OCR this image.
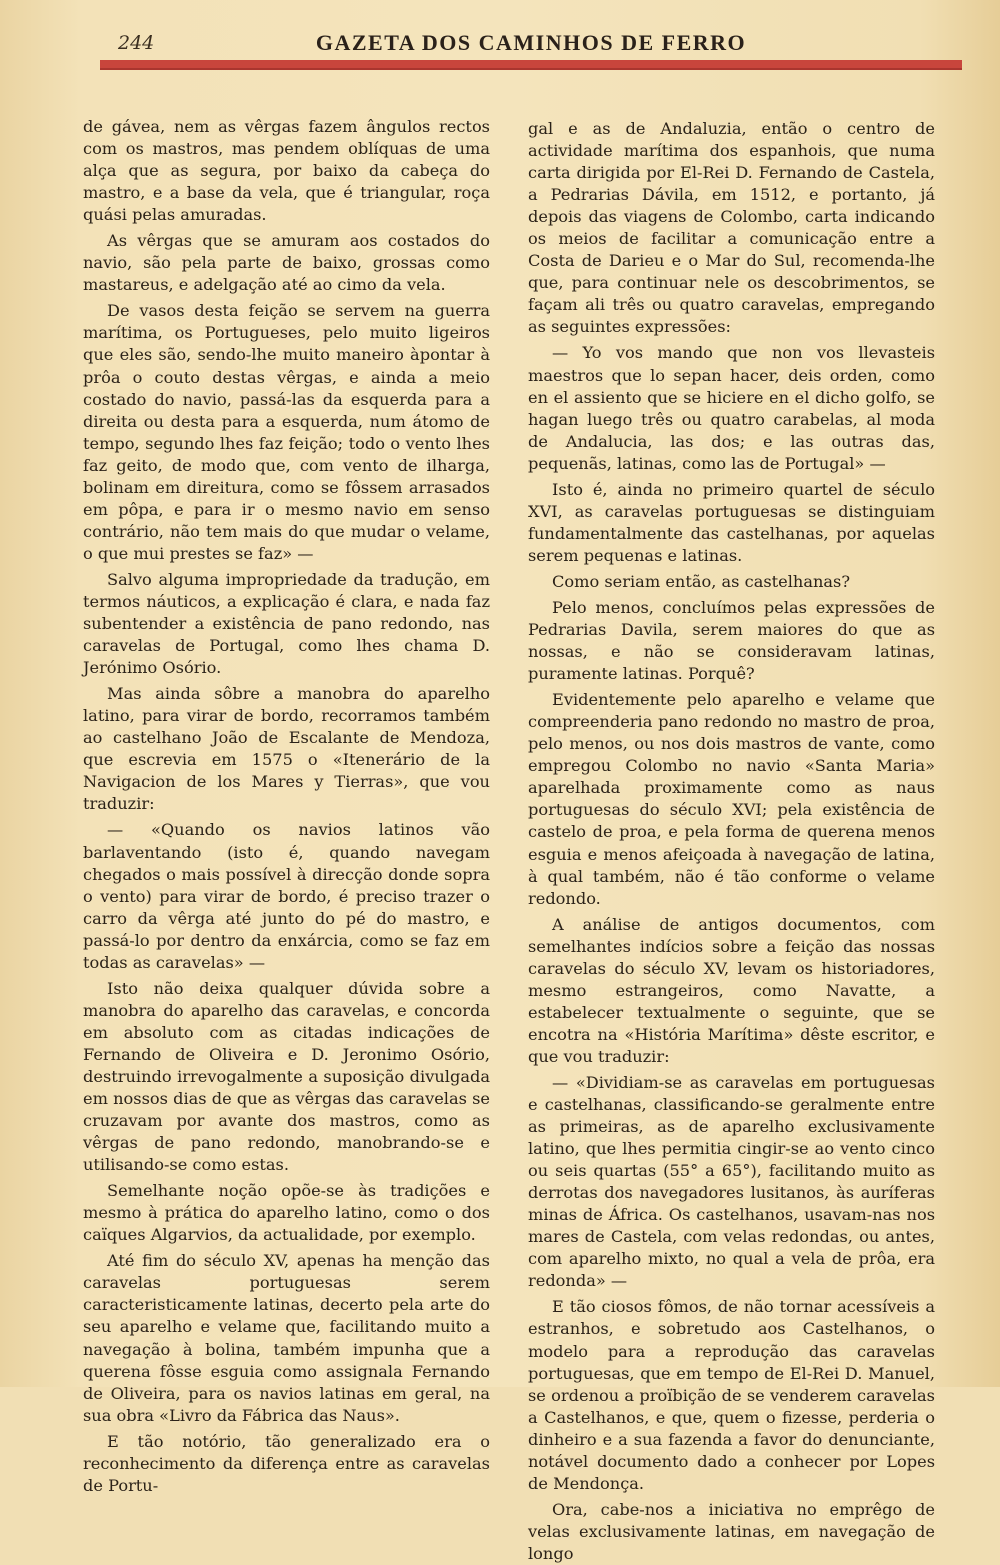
244	GAZETA DOS CAMINHOS DE FERRO

de gávea, nem as vêrgas fazem ângulos rectos com os mastros, mas pendem oblíquas de uma alça que as segura, por baixo da cabeça do mastro, e a base da vela, que é triangular, roça quási pelas amuradas.

As vêrgas que se amuram aos costados do navio, são pela parte de baixo, grossas como mastareus, e adelgação até ao cimo da vela.

De vasos desta feição se servem na guerra marítima, os Portugueses, pelo muito ligeiros que eles são, sendo-lhe muito maneiro àpontar à prôa o couto destas vêrgas, e ainda a meio costado do navio, passá-las da esquerda para a direita ou desta para a esquerda, num átomo de tempo, segundo lhes faz feição; todo o vento lhes faz geito, de modo que, com vento de ilharga, bolinam em direitura, como se fôssem arrasados em pôpa, e para ir o mesmo navio em senso contrário, não tem mais do que mudar o velame, o que mui prestes se faz» —

Salvo alguma impropriedade da tradução, em termos náuticos, a explicação é clara, e nada faz subentender a existência de pano redondo, nas caravelas de Portugal, como lhes chama D. Jerónimo Osório.

Mas ainda sôbre a manobra do aparelho latino, para virar de bordo, recorramos também ao castelhano João de Escalante de Mendoza, que escrevia em 1575 o «Itenerário de la Navigacion de los Mares y Tierras», que vou traduzir:

— «Quando os navios latinos vão barlaventando (isto é, quando navegam chegados o mais possível à direcção donde sopra o vento) para virar de bordo, é preciso trazer o carro da vêrga até junto do pé do mastro, e passá-lo por dentro da enxárcia, como se faz em todas as caravelas» —

Isto não deixa qualquer dúvida sobre a manobra do aparelho das caravelas, e concorda em absoluto com as citadas indicações de Fernando de Oliveira e D. Jeronimo Osório, destruindo irrevogalmente a suposição divulgada em nossos dias de que as vêrgas das caravelas se cruzavam por avante dos mastros, como as vêrgas de pano redondo, manobrando-se e utilisando-se como estas.

Semelhante noção opõe-se às tradições e mesmo à prática do aparelho latino, como o dos caïques Algarvios, da actualidade, por exemplo.

Até fim do século XV, apenas ha menção das caravelas portuguesas serem caracteristicamente latinas, decerto pela arte do seu aparelho e velame que, facilitando muito a navegação à bolina, também impunha que a querena fôsse esguia como assignala Fernando de Oliveira, para os navios latinas em geral, na sua obra «Livro da Fábrica das Naus».

E tão notório, tão generalizado era o reconhecimento da diferença entre as caravelas de Portu-

gal e as de Andaluzia, então o centro de actividade marítima dos espanhois, que numa carta dirigida por El-Rei D. Fernando de Castela, a Pedrarias Dávila, em 1512, e portanto, já depois das viagens de Colombo, carta indicando os meios de facilitar a comunicação entre a Costa de Darieu e o Mar do Sul, recomenda-lhe que, para continuar nele os descobrimentos, se façam ali três ou quatro caravelas, empregando as seguintes expressões:

— Yo vos mando que non vos llevasteis maestros que lo sepan hacer, deis orden, como en el assiento que se hiciere en el dicho golfo, se hagan luego três ou quatro carabelas, al moda de Andalucia, las dos; e las outras das, pequenãs, latinas, como las de Portugal» —

Isto é, ainda no primeiro quartel de século XVI, as caravelas portuguesas se distinguiam fundamentalmente das castelhanas, por aquelas serem pequenas e latinas.

Como seriam então, as castelhanas?

Pelo menos, concluímos pelas expressões de Pedrarias Davila, serem maiores do que as nossas, e não se consideravam latinas, puramente latinas. Porquê?

Evidentemente pelo aparelho e velame que compreenderia pano redondo no mastro de proa, pelo menos, ou nos dois mastros de vante, como empregou Colombo no navio «Santa Maria» aparelhada proximamente como as naus portuguesas do século XVI; pela existência de castelo de proa, e pela forma de querena menos esguia e menos afeiçoada à navegação de latina, à qual também, não é tão conforme o velame redondo.

A análise de antigos documentos, com semelhantes indícios sobre a feição das nossas caravelas do século XV, levam os historiadores, mesmo estrangeiros, como Navatte, a estabelecer textualmente o seguinte, que se encotra na «História Marítima» dêste escritor, e que vou traduzir:

— «Dividiam-se as caravelas em portuguesas e castelhanas, classificando-se geralmente entre as primeiras, as de aparelho exclusivamente latino, que lhes permitia cingir-se ao vento cinco ou seis quartas (55° a 65°), facilitando muito as derrotas dos navegadores lusitanos, às auríferas minas de África. Os castelhanos, usavam-nas nos mares de Castela, com velas redondas, ou antes, com aparelho mixto, no qual a vela de prôa, era redonda» —

E tão ciosos fômos, de não tornar acessíveis a estranhos, e sobretudo aos Castelhanos, o modelo para a reprodução das caravelas portuguesas, que em tempo de El-Rei D. Manuel, se ordenou a proïbição de se venderem caravelas a Castelhanos, e que, quem o fizesse, perderia o dinheiro e a sua fazenda a favor do denunciante, notável documento dado a conhecer por Lopes de Mendonça.

Ora, cabe-nos a iniciativa no emprêgo de velas exclusivamente latinas, em navegação de longo
